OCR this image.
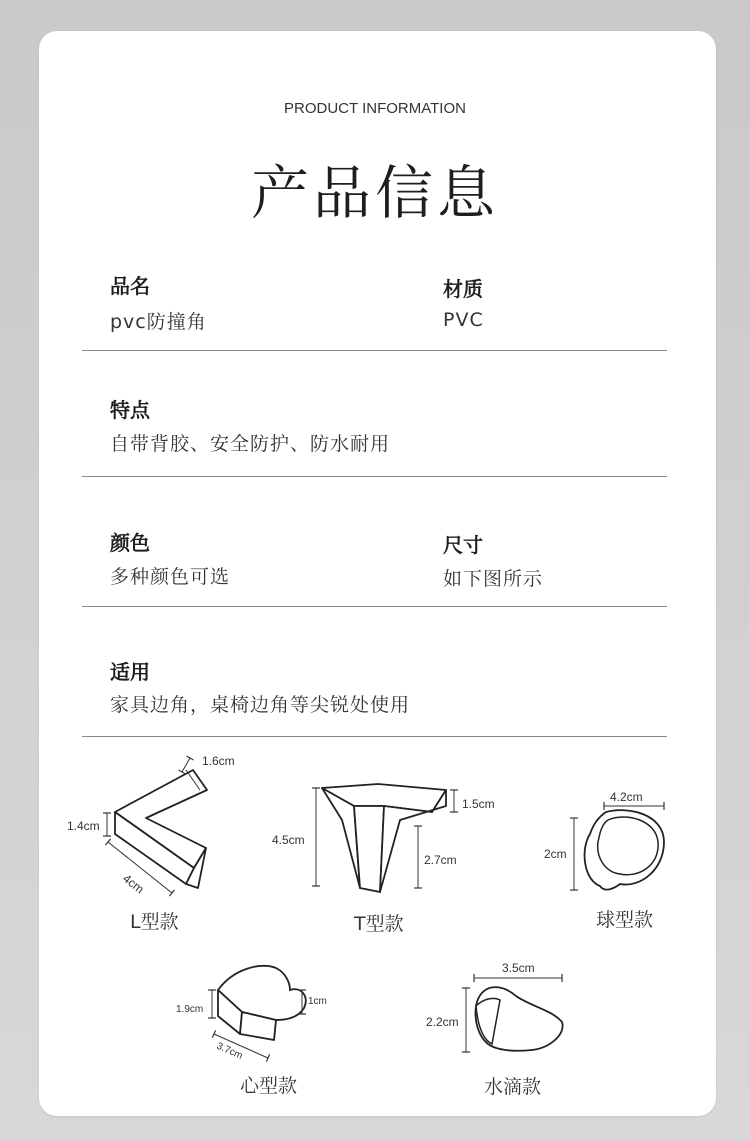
PRODUCT INFORMATION
产品信息
品名
pvc防撞角
材质
PVC
特点
自带背胶、安全防护、防水耐用
颜色
多种颜色可选
尺寸
如下图所示
适用
家具边角，桌椅边角等尖锐处使用
1.6cm
1.4cm
4cm
L型款
1.5cm
4.5cm
2.7cm
T型款
4.2cm
2cm
球型款
1.9cm
1cm
3.7cm
心型款
3.5cm
2.2cm
水滴款
